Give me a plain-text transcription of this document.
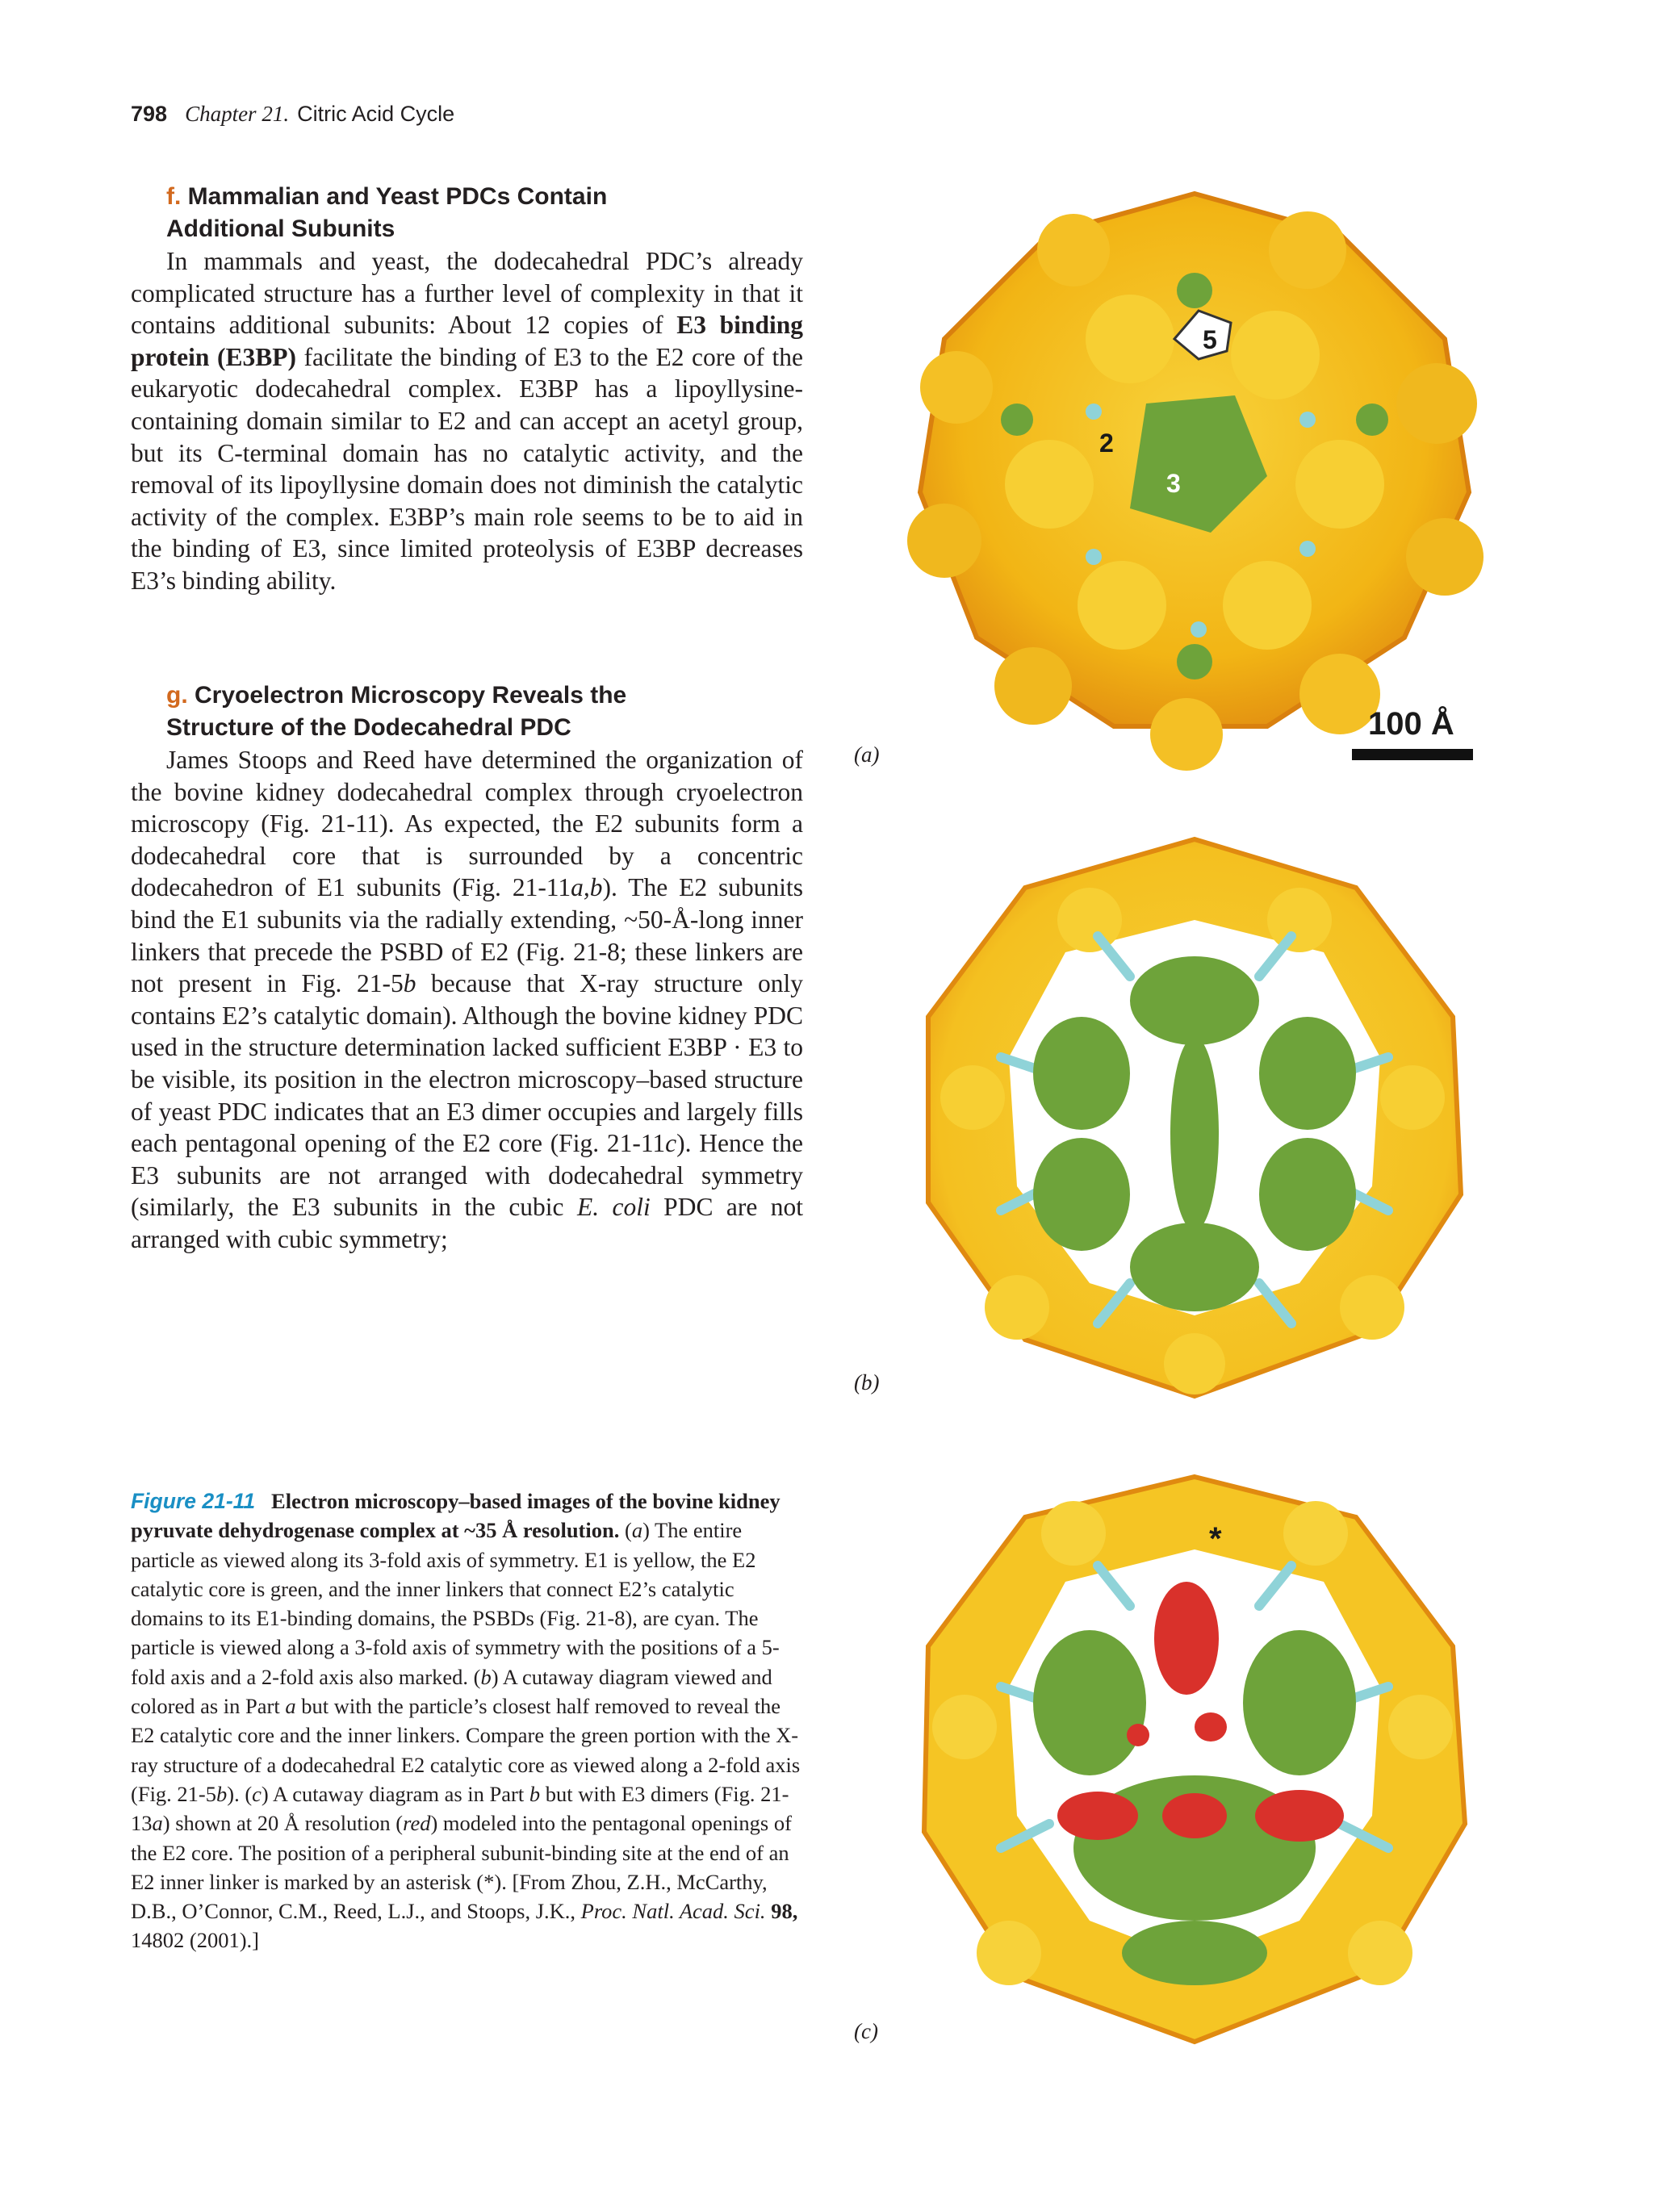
798 Chapter 21. Citric Acid Cycle
f. Mammalian and Yeast PDCs Contain
Additional Subunits

In mammals and yeast, the dodecahedral PDC’s already complicated structure has a further level of complexity in that it contains additional subunits: About 12 copies of E3 binding protein (E3BP) facilitate the binding of E3 to the E2 core of the eukaryotic dodecahedral complex. E3BP has a lipoyllysine-containing domain similar to E2 and can accept an acetyl group, but its C-terminal domain has no catalytic activity, and the removal of its lipoyllysine domain does not diminish the catalytic activity of the complex. E3BP’s main role seems to be to aid in the binding of E3, since limited proteolysis of E3BP decreases E3’s binding ability.

g. Cryoelectron Microscopy Reveals the
Structure of the Dodecahedral PDC

James Stoops and Reed have determined the organization of the bovine kidney dodecahedral complex through cryoelectron microscopy (Fig. 21-11). As expected, the E2 subunits form a dodecahedral core that is surrounded by a concentric dodecahedron of E1 subunits (Fig. 21-11a,b). The E2 subunits bind the E1 subunits via the radially extending, ~50-Å-long inner linkers that precede the PSBD of E2 (Fig. 21-8; these linkers are not present in Fig. 21-5b because that X-ray structure only contains E2’s catalytic domain). Although the bovine kidney PDC used in the structure determination lacked sufficient E3BP · E3 to be visible, its position in the electron microscopy–based structure of yeast PDC indicates that an E3 dimer occupies and largely fills each pentagonal opening of the E2 core (Fig. 21-11c). Hence the E3 subunits are not arranged with dodecahedral symmetry (similarly, the E3 subunits in the cubic E. coli PDC are not arranged with cubic symmetry;

Figure 21-11 Electron microscopy–based images of the bovine kidney pyruvate dehydrogenase complex at ~35 Å resolution. (a) The entire particle as viewed along its 3-fold axis of symmetry. E1 is yellow, the E2 catalytic core is green, and the inner linkers that connect E2’s catalytic domains to its E1-binding domains, the PSBDs (Fig. 21-8), are cyan. The particle is viewed along a 3-fold axis of symmetry with the positions of a 5-fold axis and a 2-fold axis also marked. (b) A cutaway diagram viewed and colored as in Part a but with the particle’s closest half removed to reveal the E2 catalytic core and the inner linkers. Compare the green portion with the X-ray structure of a dodecahedral E2 catalytic core as viewed along a 2-fold axis (Fig. 21-5b). (c) A cutaway diagram as in Part b but with E3 dimers (Fig. 21-13a) shown at 20 Å resolution (red) modeled into the pentagonal openings of the E2 core. The position of a peripheral subunit-binding site at the end of an E2 inner linker is marked by an asterisk (*). [From Zhou, Z.H., McCarthy, D.B., O’Connor, C.M., Reed, L.J., and Stoops, J.K., Proc. Natl. Acad. Sci. 98, 14802 (2001).]
(a)
(b)
(c)
5
2
3
100 Å
*
